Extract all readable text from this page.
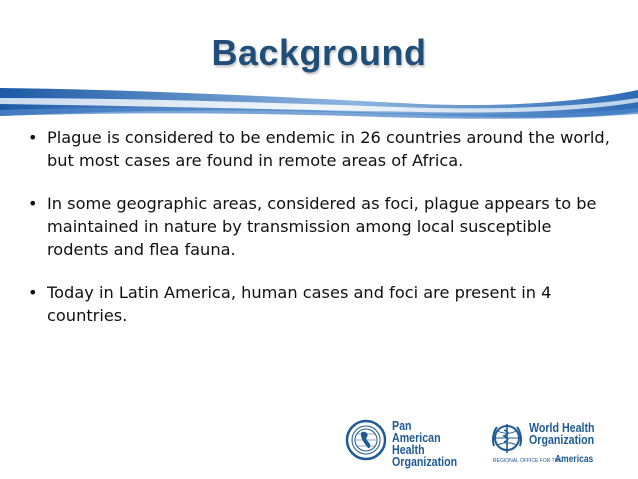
Background
• Plague is considered to be endemic in 26 countries around the world, but most cases are found in remote areas of Africa.
• In some geographic areas, considered as foci, plague appears to be maintained in nature by transmission among local susceptible rodents and flea fauna.
• Today in Latin America, human cases and foci are present in 4 countries.
Pan American
Health
Organization
World Health
Organization
REGIONAL OFFICE FOR THE
Americas
